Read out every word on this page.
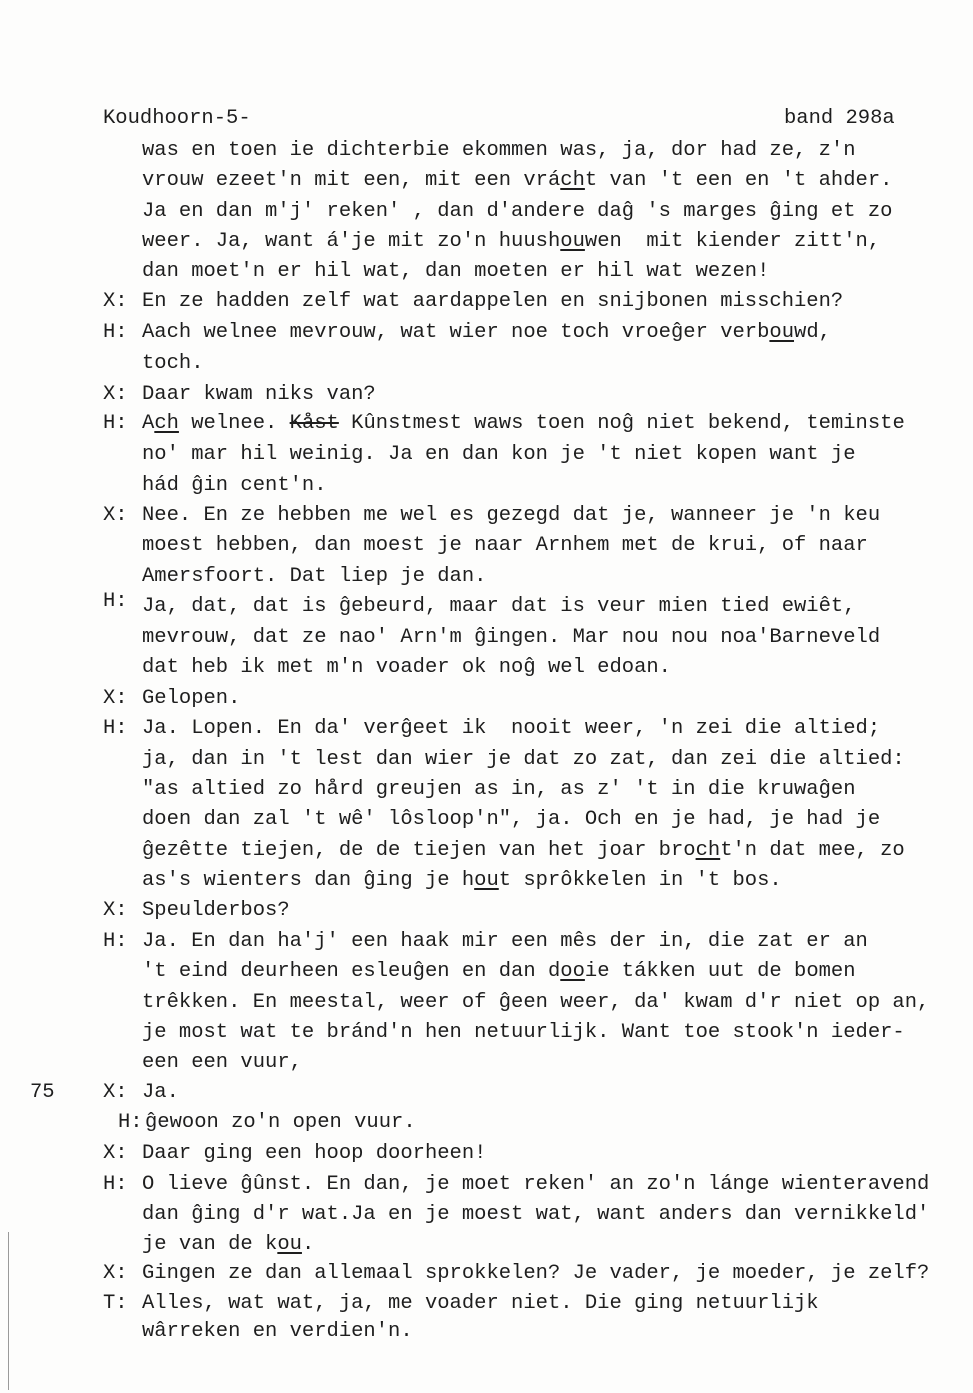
Koudhoorn-5-	band 298a
75
was en toen ie dichterbie ekommen was, ja, dor had ze, z'n
vrouw ezeet'n mit een, mit een vrácht van 't een en 't ahder.
Ja en dan m'j' reken' , dan d'andere daĝ 's marges ĝing et zo
weer. Ja, want á'je mit zo'n huushouwen  mit kiender zitt'n,
dan moet'n er hil wat, dan moeten er hil wat wezen!
X: En ze hadden zelf wat aardappelen en snijbonen misschien?
H: Aach welnee mevrouw, wat wier noe toch vroeĝer verbouwd,
toch.
X: Daar kwam niks van?
H: Ach welnee. Kåst Kûnstmest waws toen noĝ niet bekend, teminste
no' mar hil weinig. Ja en dan kon je 't niet kopen want je
hád ĝin cent'n.
X: Nee. En ze hebben me wel es gezegd dat je, wanneer je 'n keu
moest hebben, dan moest je naar Arnhem met de krui, of naar
Amersfoort. Dat liep je dan.
H: Ja, dat, dat is ĝebeurd, maar dat is veur mien tied ewiêt,
mevrouw, dat ze nao' Arn'm ĝingen. Mar nou nou noa'Barneveld
dat heb ik met m'n voader ok noĝ wel edoan.
X: Gelopen.
H: Ja. Lopen. En da' verĝeet ik  nooit weer, 'n zei die altied;
ja, dan in 't lest dan wier je dat zo zat, dan zei die altied:
"as altied zo hård greujen as in, as z' 't in die kruwaĝen
doen dan zal 't wê' lôsloop'n", ja. Och en je had, je had je
ĝezêtte tiejen, de de tiejen van het joar brocht'n dat mee, zo
as's wienters dan ĝing je hout sprôkkelen in 't bos.
X: Speulderbos?
H: Ja. En dan ha'j' een haak mir een mês der in, die zat er an
't eind deurheen esleuĝen en dan dooie tákken uut de bomen
trêkken. En meestal, weer of ĝeen weer, da' kwam d'r niet op an,
je most wat te bránd'n hen netuurlijk. Want toe stook'n ieder-
een een vuur,
X: Ja.
H: ĝewoon zo'n open vuur.
X: Daar ging een hoop doorheen!
H: O lieve ĝûnst. En dan, je moet reken' an zo'n lánge wienteravend
dan ĝing d'r wat.Ja en je moest wat, want anders dan vernikkeld'
je van de kou.
X: Gingen ze dan allemaal sprokkelen? Je vader, je moeder, je zelf?
T: Alles, wat wat, ja, me voader niet. Die ging netuurlijk
wârreken en verdien'n.
